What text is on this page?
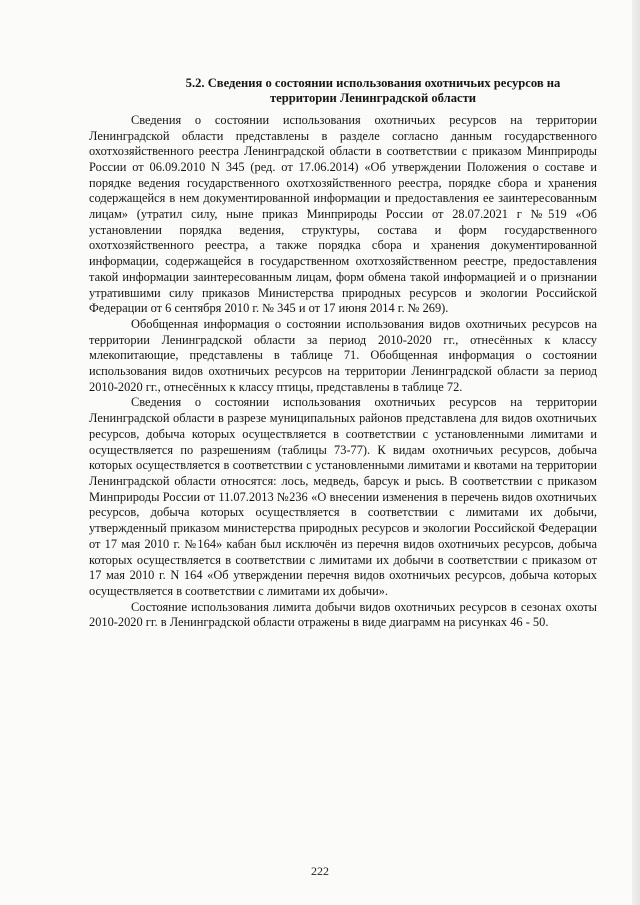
5.2. Сведения о состоянии использования охотничьих ресурсов на
территории Ленинградской области

Сведения о состоянии использования охотничьих ресурсов на территории Ленинградской области представлены в разделе согласно данным государственного охотхозяйственного реестра Ленинградской области в соответствии с приказом Минприроды России от 06.09.2010 N 345 (ред. от 17.06.2014) «Об утверждении Положения о составе и порядке ведения государственного охотхозяйственного реестра, порядке сбора и хранения содержащейся в нем документированной информации и предоставления ее заинтересованным лицам» (утратил силу, ныне приказ Минприроды России от 28.07.2021 г №519 «Об установлении порядка ведения, структуры, состава и форм государственного охотхозяйственного реестра, а также порядка сбора и хранения документированной информации, содержащейся в государственном охотхозяйственном реестре, предоставления такой информации заинтересованным лицам, форм обмена такой информацией и о признании утратившими силу приказов Министерства природных ресурсов и экологии Российской Федерации от 6 сентября 2010 г. № 345 и от 17 июня 2014 г. № 269).

Обобщенная информация о состоянии использования видов охотничьих ресурсов на территории Ленинградской области за период 2010-2020 гг., отнесённых к классу млекопитающие, представлены в таблице 71. Обобщенная информация о состоянии использования видов охотничьих ресурсов на территории Ленинградской области за период 2010-2020 гг., отнесённых к классу птицы, представлены в таблице 72.

Сведения о состоянии использования охотничьих ресурсов на территории Ленинградской области в разрезе муниципальных районов представлена для видов охотничьих ресурсов, добыча которых осуществляется в соответствии с установленными лимитами и осуществляется по разрешениям (таблицы 73-77). К видам охотничьих ресурсов, добыча которых осуществляется в соответствии с установленными лимитами и квотами на территории Ленинградской области относятся: лось, медведь, барсук и рысь. В соответствии с приказом Минприроды России от 11.07.2013 №236 «О внесении изменения в перечень видов охотничьих ресурсов, добыча которых осуществляется в соответствии с лимитами их добычи, утвержденный приказом министерства природных ресурсов и экологии Российской Федерации от 17 мая 2010 г. №164» кабан был исключён из перечня видов охотничьих ресурсов, добыча которых осуществляется в соответствии с лимитами их добычи в соответствии с приказом от 17 мая 2010 г. N 164 «Об утверждении перечня видов охотничьих ресурсов, добыча которых осуществляется в соответствии с лимитами их добычи».

Состояние использования лимита добычи видов охотничьих ресурсов в сезонах охоты 2010-2020 гг. в Ленинградской области отражены в виде диаграмм на рисунках 46 - 50.

222
